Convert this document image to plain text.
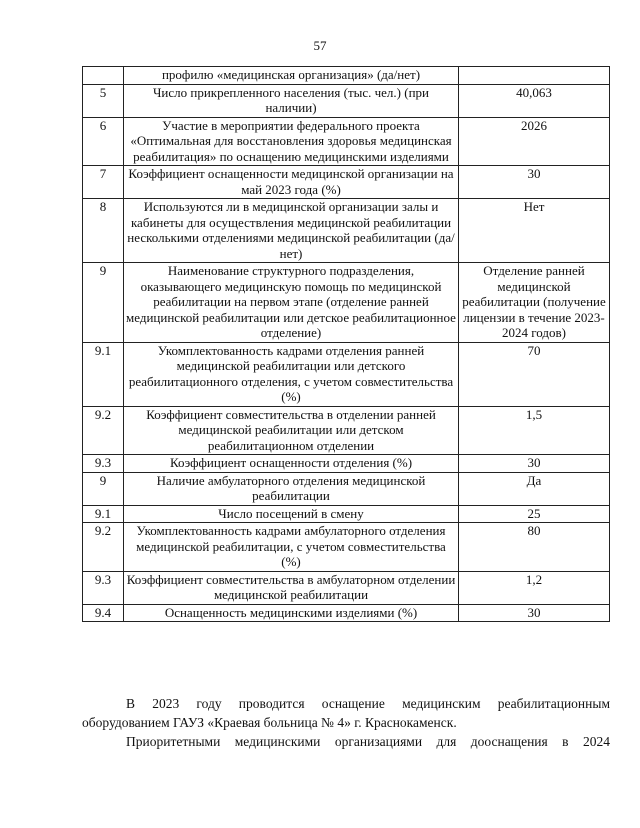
57
	профилю «медицинская организация» (да/нет)	
5	Число прикрепленного населения (тыс. чел.) (при наличии)	40,063
6	Участие в мероприятии федерального проекта «Оптимальная для восстановления здоровья медицинская реабилитация» по оснащению медицинскими изделиями	2026
7	Коэффициент оснащенности медицинской организации на май 2023 года (%)	30
8	Используются ли в медицинской организации залы и кабинеты для осуществления медицинской реабилитации несколькими отделениями медицинской реабилитации (да/нет)	Нет
9	Наименование структурного подразделения, оказывающего медицинскую помощь по медицинской реабилитации на первом этапе (отделение ранней медицинской реабилитации или детское реабилитационное отделение)	Отделение ранней медицинской реабилитации (получение лицензии в течение 2023-2024 годов)
9.1	Укомплектованность кадрами отделения ранней медицинской реабилитации или детского реабилитационного отделения, с учетом совместительства (%)	70
9.2	Коэффициент совместительства в отделении ранней медицинской реабилитации или детском реабилитационном отделении	1,5
9.3	Коэффициент оснащенности отделения (%)	30
9	Наличие амбулаторного отделения медицинской реабилитации	Да
9.1	Число посещений в смену	25
9.2	Укомплектованность кадрами амбулаторного отделения медицинской реабилитации, с учетом совместительства (%)	80
9.3	Коэффициент совместительства в амбулаторном отделении медицинской реабилитации	1,2
9.4	Оснащенность медицинскими изделиями (%)	30
В 2023 году проводится оснащение медицинским реабилитационным оборудованием ГАУЗ «Краевая больница № 4» г. Краснокаменск.
Приоритетными медицинскими организациями для дооснащения в 2024
